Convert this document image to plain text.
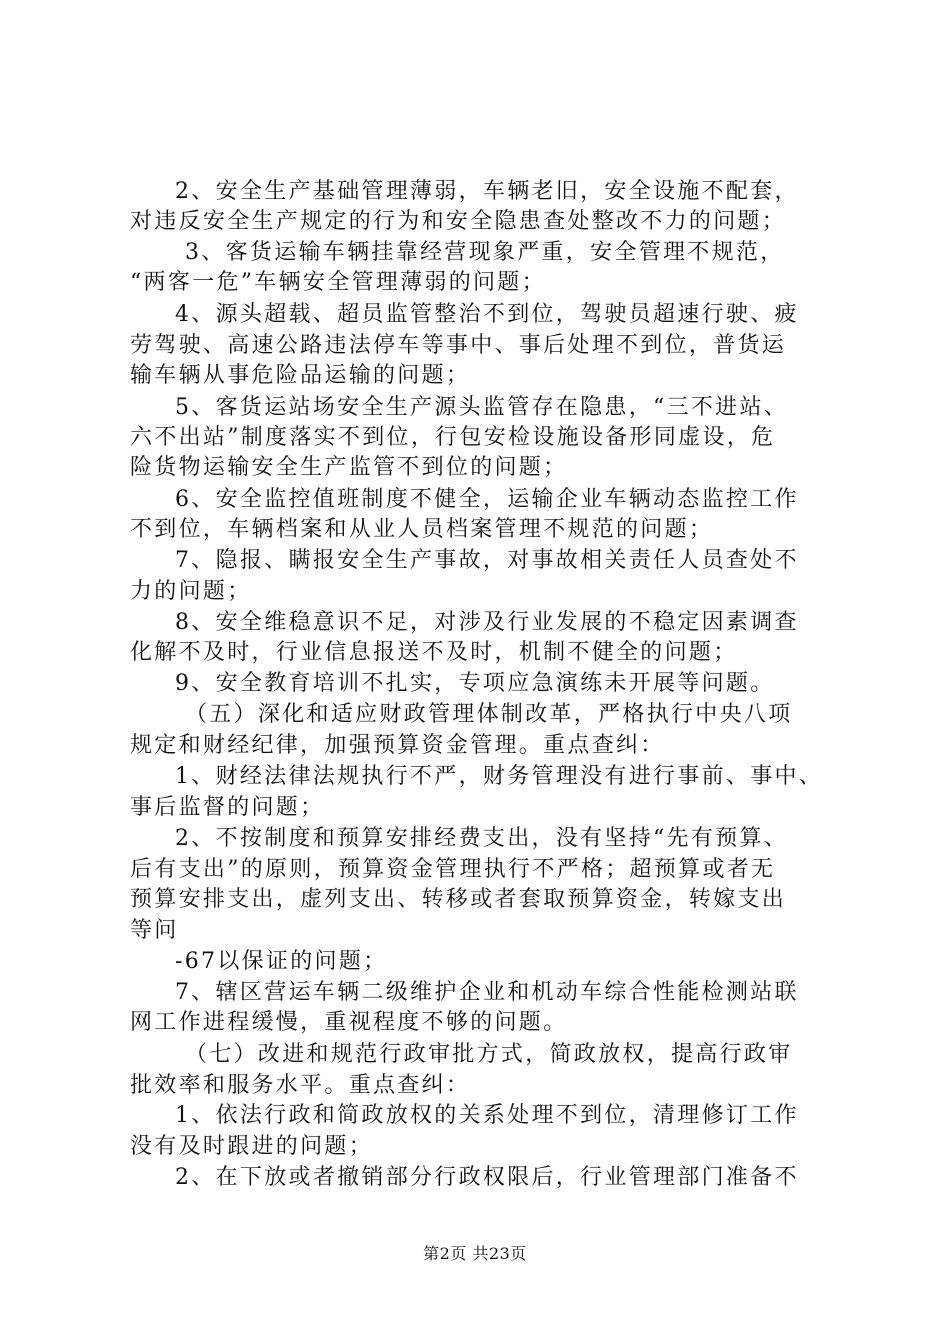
2、安全生产基础管理薄弱，车辆老旧，安全设施不配套，
对违反安全生产规定的行为和安全隐患查处整改不力的问题；
3、客货运输车辆挂靠经营现象严重，安全管理不规范，
“两客一危”车辆安全管理薄弱的问题；
4、源头超载、超员监管整治不到位，驾驶员超速行驶、疲
劳驾驶、高速公路违法停车等事中、事后处理不到位，普货运
输车辆从事危险品运输的问题；
5、客货运站场安全生产源头监管存在隐患，“三不进站、
六不出站”制度落实不到位，行包安检设施设备形同虚设，危
险货物运输安全生产监管不到位的问题；
6、安全监控值班制度不健全，运输企业车辆动态监控工作
不到位，车辆档案和从业人员档案管理不规范的问题；
7、隐报、瞒报安全生产事故，对事故相关责任人员查处不
力的问题；
8、安全维稳意识不足，对涉及行业发展的不稳定因素调查
化解不及时，行业信息报送不及时，机制不健全的问题；
9、安全教育培训不扎实，专项应急演练未开展等问题。
（五）深化和适应财政管理体制改革，严格执行中央八项
规定和财经纪律，加强预算资金管理。重点查纠：
1、财经法律法规执行不严，财务管理没有进行事前、事中、
事后监督的问题；
2、不按制度和预算安排经费支出，没有坚持“先有预算、
后有支出”的原则，预算资金管理执行不严格；超预算或者无
预算安排支出，虚列支出、转移或者套取预算资金，转嫁支出
等问
-67以保证的问题；
7、辖区营运车辆二级维护企业和机动车综合性能检测站联
网工作进程缓慢，重视程度不够的问题。
（七）改进和规范行政审批方式，简政放权，提高行政审
批效率和服务水平。重点查纠：
1、依法行政和简政放权的关系处理不到位，清理修订工作
没有及时跟进的问题；
2、在下放或者撤销部分行政权限后，行业管理部门准备不
第2页 共23页
